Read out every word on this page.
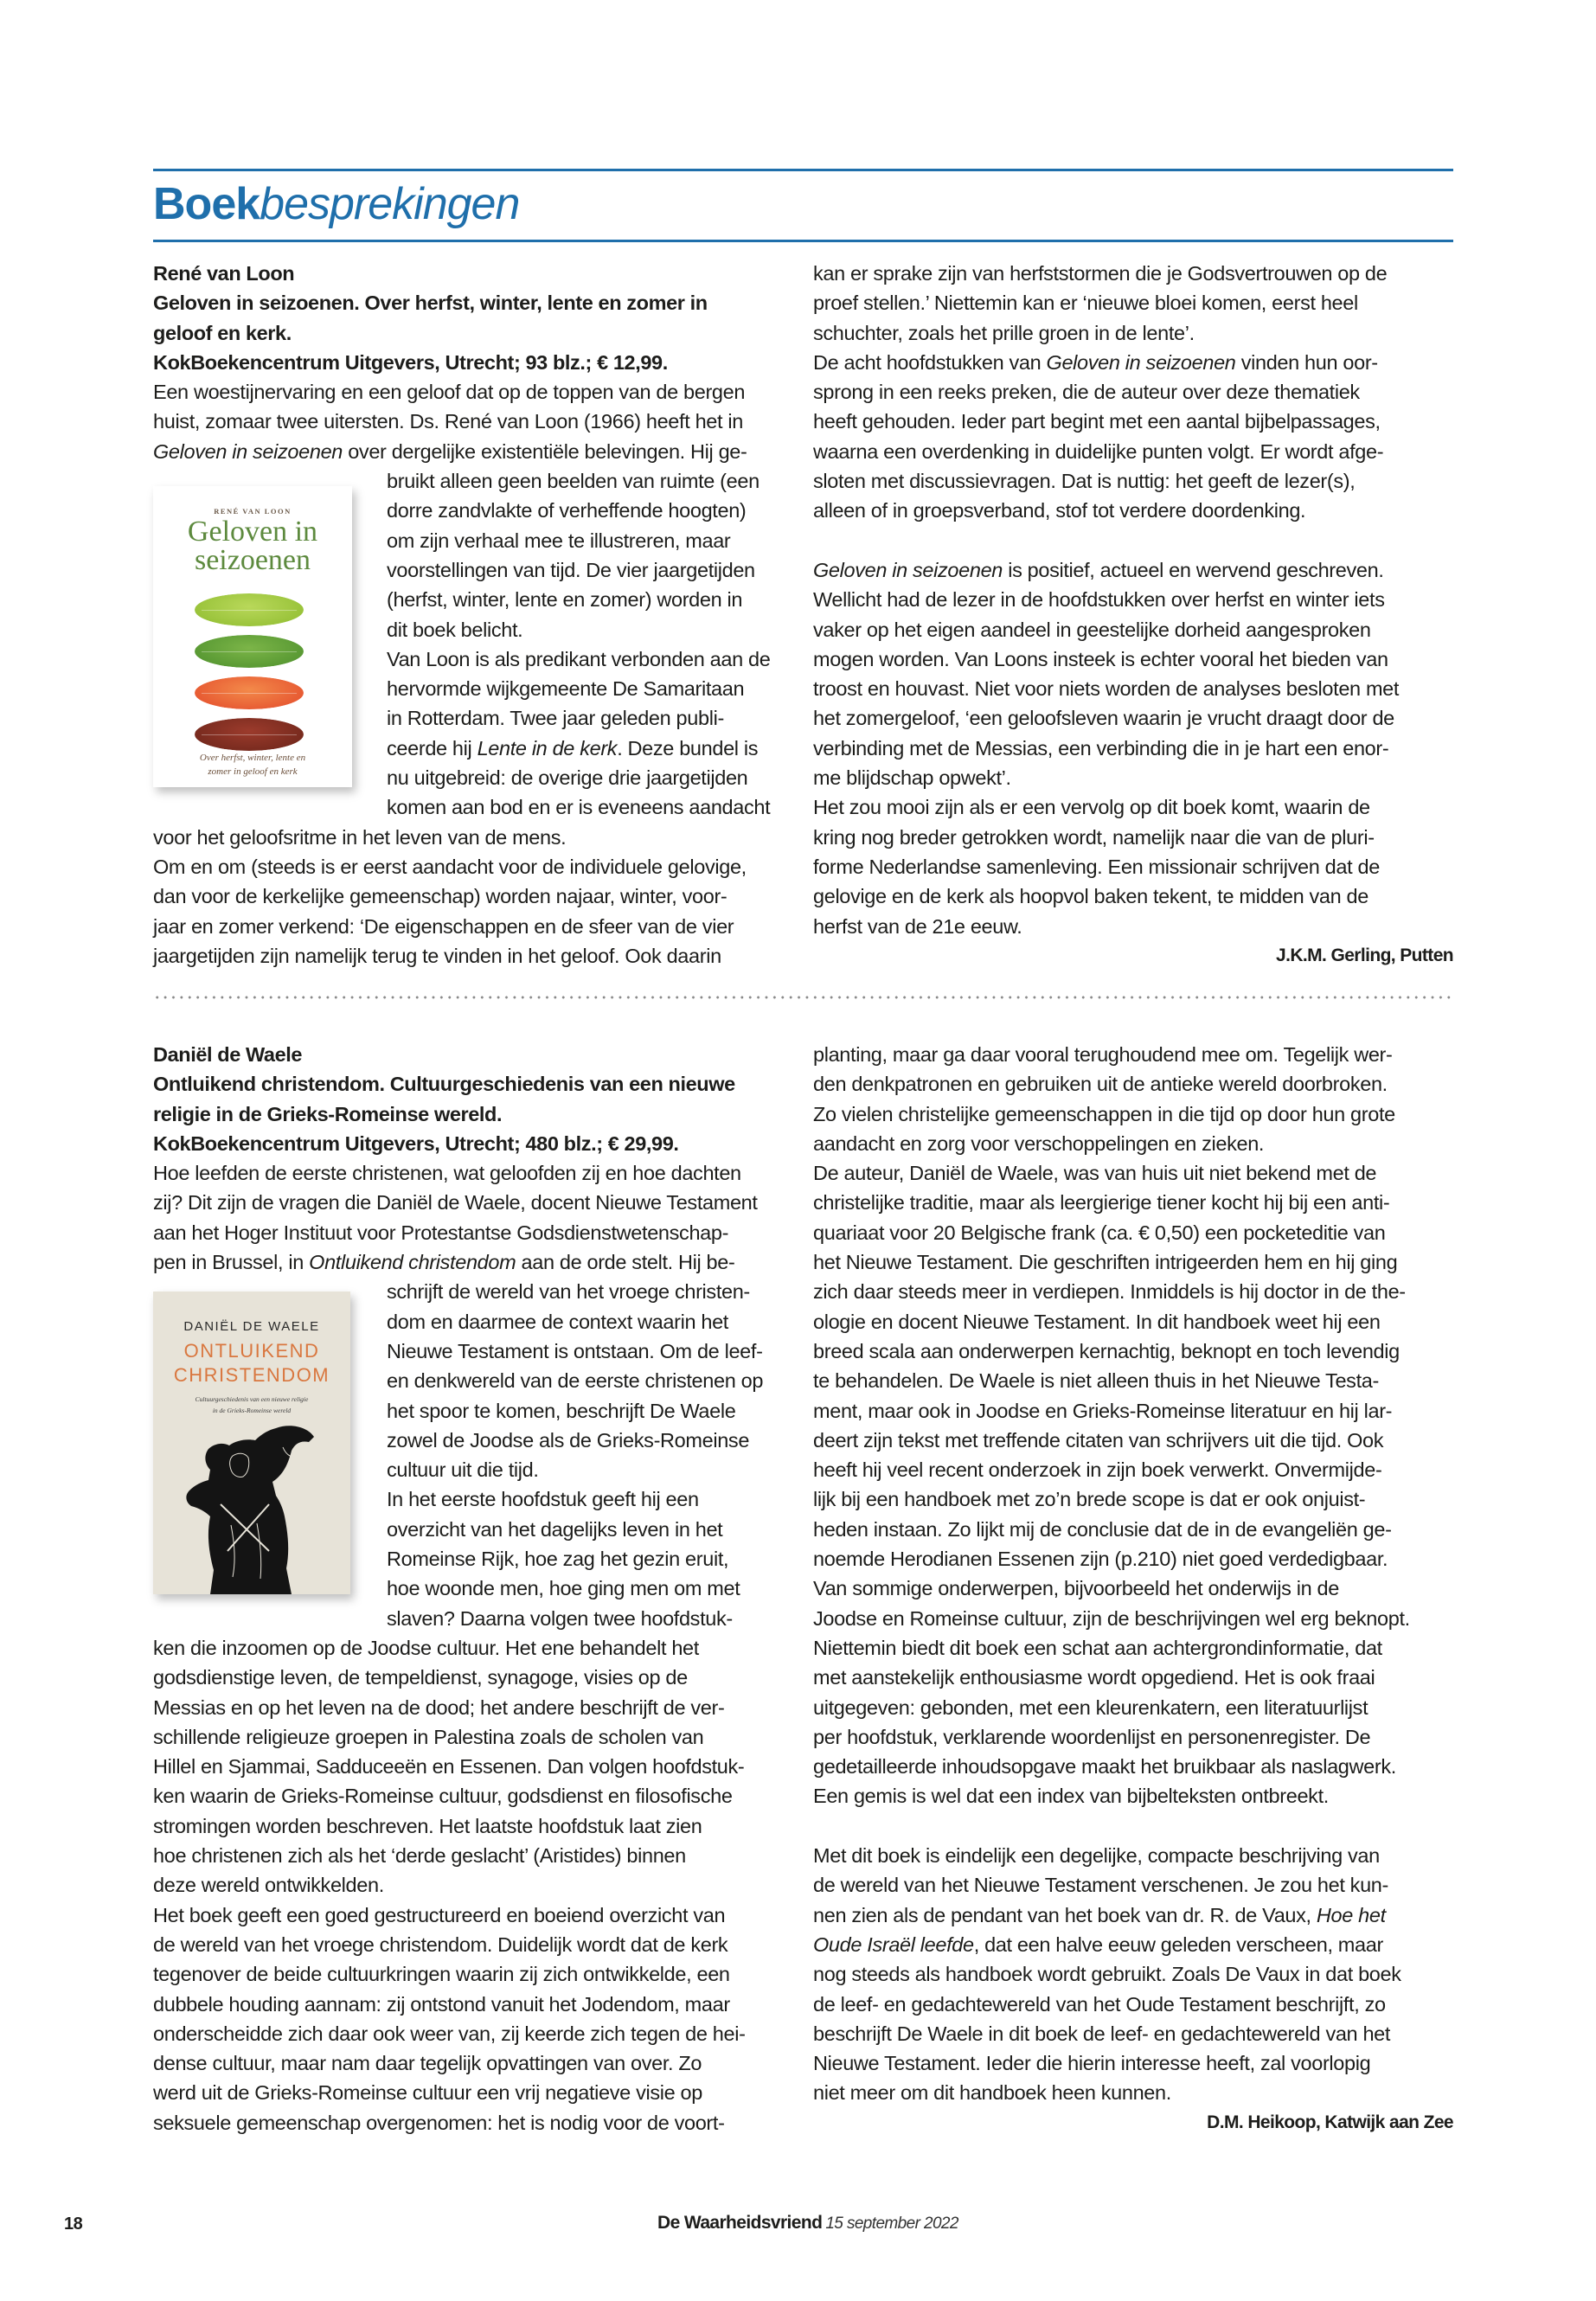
Boekbesprekingen
René van Loon
Geloven in seizoenen. Over herfst, winter, lente en zomer in
geloof en kerk.
KokBoekencentrum Uitgevers, Utrecht; 93 blz.; € 12,99.
Een woestijnervaring en een geloof dat op de toppen van de bergen
huist, zomaar twee uitersten. Ds. René van Loon (1966) heeft het in
Geloven in seizoenen over dergelijke existentiële belevingen. Hij ge-
bruikt alleen geen beelden van ruimte (een
dorre zandvlakte of verheffende hoogten)
om zijn verhaal mee te illustreren, maar
voorstellingen van tijd. De vier jaargetijden
(herfst, winter, lente en zomer) worden in
dit boek belicht.
Van Loon is als predikant verbonden aan de
hervormde wijkgemeente De Samaritaan
in Rotterdam. Twee jaar geleden publi-
ceerde hij Lente in de kerk. Deze bundel is
nu uitgebreid: de overige drie jaargetijden
komen aan bod en er is eveneens aandacht
voor het geloofsritme in het leven van de mens.
Om en om (steeds is er eerst aandacht voor de individuele gelovige,
dan voor de kerkelijke gemeenschap) worden najaar, winter, voor-
jaar en zomer verkend: ‘De eigenschappen en de sfeer van de vier
jaargetijden zijn namelijk terug te vinden in het geloof. Ook daarin
RENÉ VAN LOON
Geloven in
seizoenen
Over herfst, winter, lente en
zomer in geloof en kerk
kan er sprake zijn van herfststormen die je Godsvertrouwen op de
proef stellen.’ Niettemin kan er ‘nieuwe bloei komen, eerst heel
schuchter, zoals het prille groen in de lente’.
De acht hoofdstukken van Geloven in seizoenen vinden hun oor-
sprong in een reeks preken, die de auteur over deze thematiek
heeft gehouden. Ieder part begint met een aantal bijbelpassages,
waarna een overdenking in duidelijke punten volgt. Er wordt afge-
sloten met discussievragen. Dat is nuttig: het geeft de lezer(s),
alleen of in groepsverband, stof tot verdere doordenking.
Geloven in seizoenen is positief, actueel en wervend geschreven.
Wellicht had de lezer in de hoofdstukken over herfst en winter iets
vaker op het eigen aandeel in geestelijke dorheid aangesproken
mogen worden. Van Loons insteek is echter vooral het bieden van
troost en houvast. Niet voor niets worden de analyses besloten met
het zomergeloof, ‘een geloofsleven waarin je vrucht draagt door de
verbinding met de Messias, een verbinding die in je hart een enor-
me blijdschap opwekt’.
Het zou mooi zijn als er een vervolg op dit boek komt, waarin de
kring nog breder getrokken wordt, namelijk naar die van de pluri-
forme Nederlandse samenleving. Een missionair schrijven dat de
gelovige en de kerk als hoopvol baken tekent, te midden van de
herfst van de 21e eeuw.
J.K.M. Gerling, Putten
Daniël de Waele
Ontluikend christendom. Cultuurgeschiedenis van een nieuwe
religie in de Grieks-Romeinse wereld.
KokBoekencentrum Uitgevers, Utrecht; 480 blz.; € 29,99.
Hoe leefden de eerste christenen, wat geloofden zij en hoe dachten
zij? Dit zijn de vragen die Daniël de Waele, docent Nieuwe Testament
aan het Hoger Instituut voor Protestantse Godsdienstwetenschap-
pen in Brussel, in Ontluikend christendom aan de orde stelt. Hij be-
schrijft de wereld van het vroege christen-
dom en daarmee de context waarin het
Nieuwe Testament is ontstaan. Om de leef-
en denkwereld van de eerste christenen op
het spoor te komen, beschrijft De Waele
zowel de Joodse als de Grieks-Romeinse
cultuur uit die tijd.
In het eerste hoofdstuk geeft hij een
overzicht van het dagelijks leven in het
Romeinse Rijk, hoe zag het gezin eruit,
hoe woonde men, hoe ging men om met
slaven? Daarna volgen twee hoofdstuk-
ken die inzoomen op de Joodse cultuur. Het ene behandelt het
godsdienstige leven, de tempeldienst, synagoge, visies op de
Messias en op het leven na de dood; het andere beschrijft de ver-
schillende religieuze groepen in Palestina zoals de scholen van
Hillel en Sjammai, Sadduceeën en Essenen. Dan volgen hoofdstuk-
ken waarin de Grieks-Romeinse cultuur, godsdienst en filosofische
stromingen worden beschreven. Het laatste hoofdstuk laat zien
hoe christenen zich als het ‘derde geslacht’ (Aristides) binnen
deze wereld ontwikkelden.
Het boek geeft een goed gestructureerd en boeiend overzicht van
de wereld van het vroege christendom. Duidelijk wordt dat de kerk
tegenover de beide cultuurkringen waarin zij zich ontwikkelde, een
dubbele houding aannam: zij ontstond vanuit het Jodendom, maar
onderscheidde zich daar ook weer van, zij keerde zich tegen de hei-
dense cultuur, maar nam daar tegelijk opvattingen van over. Zo
werd uit de Grieks-Romeinse cultuur een vrij negatieve visie op
seksuele gemeenschap overgenomen: het is nodig voor de voort-
DANIËL DE WAELE
ONTLUIKEND
CHRISTENDOM
Cultuurgeschiedenis van een nieuwe religie
in de Grieks-Romeinse wereld
planting, maar ga daar vooral terughoudend mee om. Tegelijk wer-
den denkpatronen en gebruiken uit de antieke wereld doorbroken.
Zo vielen christelijke gemeenschappen in die tijd op door hun grote
aandacht en zorg voor verschoppelingen en zieken.
De auteur, Daniël de Waele, was van huis uit niet bekend met de
christelijke traditie, maar als leergierige tiener kocht hij bij een anti-
quariaat voor 20 Belgische frank (ca. € 0,50) een pocketeditie van
het Nieuwe Testament. Die geschriften intrigeerden hem en hij ging
zich daar steeds meer in verdiepen. Inmiddels is hij doctor in de the-
ologie en docent Nieuwe Testament. In dit handboek weet hij een
breed scala aan onderwerpen kernachtig, beknopt en toch levendig
te behandelen. De Waele is niet alleen thuis in het Nieuwe Testa-
ment, maar ook in Joodse en Grieks-Romeinse literatuur en hij lar-
deert zijn tekst met treffende citaten van schrijvers uit die tijd. Ook
heeft hij veel recent onderzoek in zijn boek verwerkt. Onvermijde-
lijk bij een handboek met zo’n brede scope is dat er ook onjuist-
heden instaan. Zo lijkt mij de conclusie dat de in de evangeliën ge-
noemde Herodianen Essenen zijn (p.210) niet goed verdedigbaar.
Van sommige onderwerpen, bijvoorbeeld het onderwijs in de
Joodse en Romeinse cultuur, zijn de beschrijvingen wel erg beknopt.
Niettemin biedt dit boek een schat aan achtergrondinformatie, dat
met aanstekelijk enthousiasme wordt opgediend. Het is ook fraai
uitgegeven: gebonden, met een kleurenkatern, een literatuurlijst
per hoofdstuk, verklarende woordenlijst en personenregister. De
gedetailleerde inhoudsopgave maakt het bruikbaar als naslagwerk.
Een gemis is wel dat een index van bijbelteksten ontbreekt.
Met dit boek is eindelijk een degelijke, compacte beschrijving van
de wereld van het Nieuwe Testament verschenen. Je zou het kun-
nen zien als de pendant van het boek van dr. R. de Vaux, Hoe het
Oude Israël leefde, dat een halve eeuw geleden verscheen, maar
nog steeds als handboek wordt gebruikt. Zoals De Vaux in dat boek
de leef- en gedachtewereld van het Oude Testament beschrijft, zo
beschrijft De Waele in dit boek de leef- en gedachtewereld van het
Nieuwe Testament. Ieder die hierin interesse heeft, zal voorlopig
niet meer om dit handboek heen kunnen.
D.M. Heikoop, Katwijk aan Zee
18	De Waarheidsvriend 15 september 2022
